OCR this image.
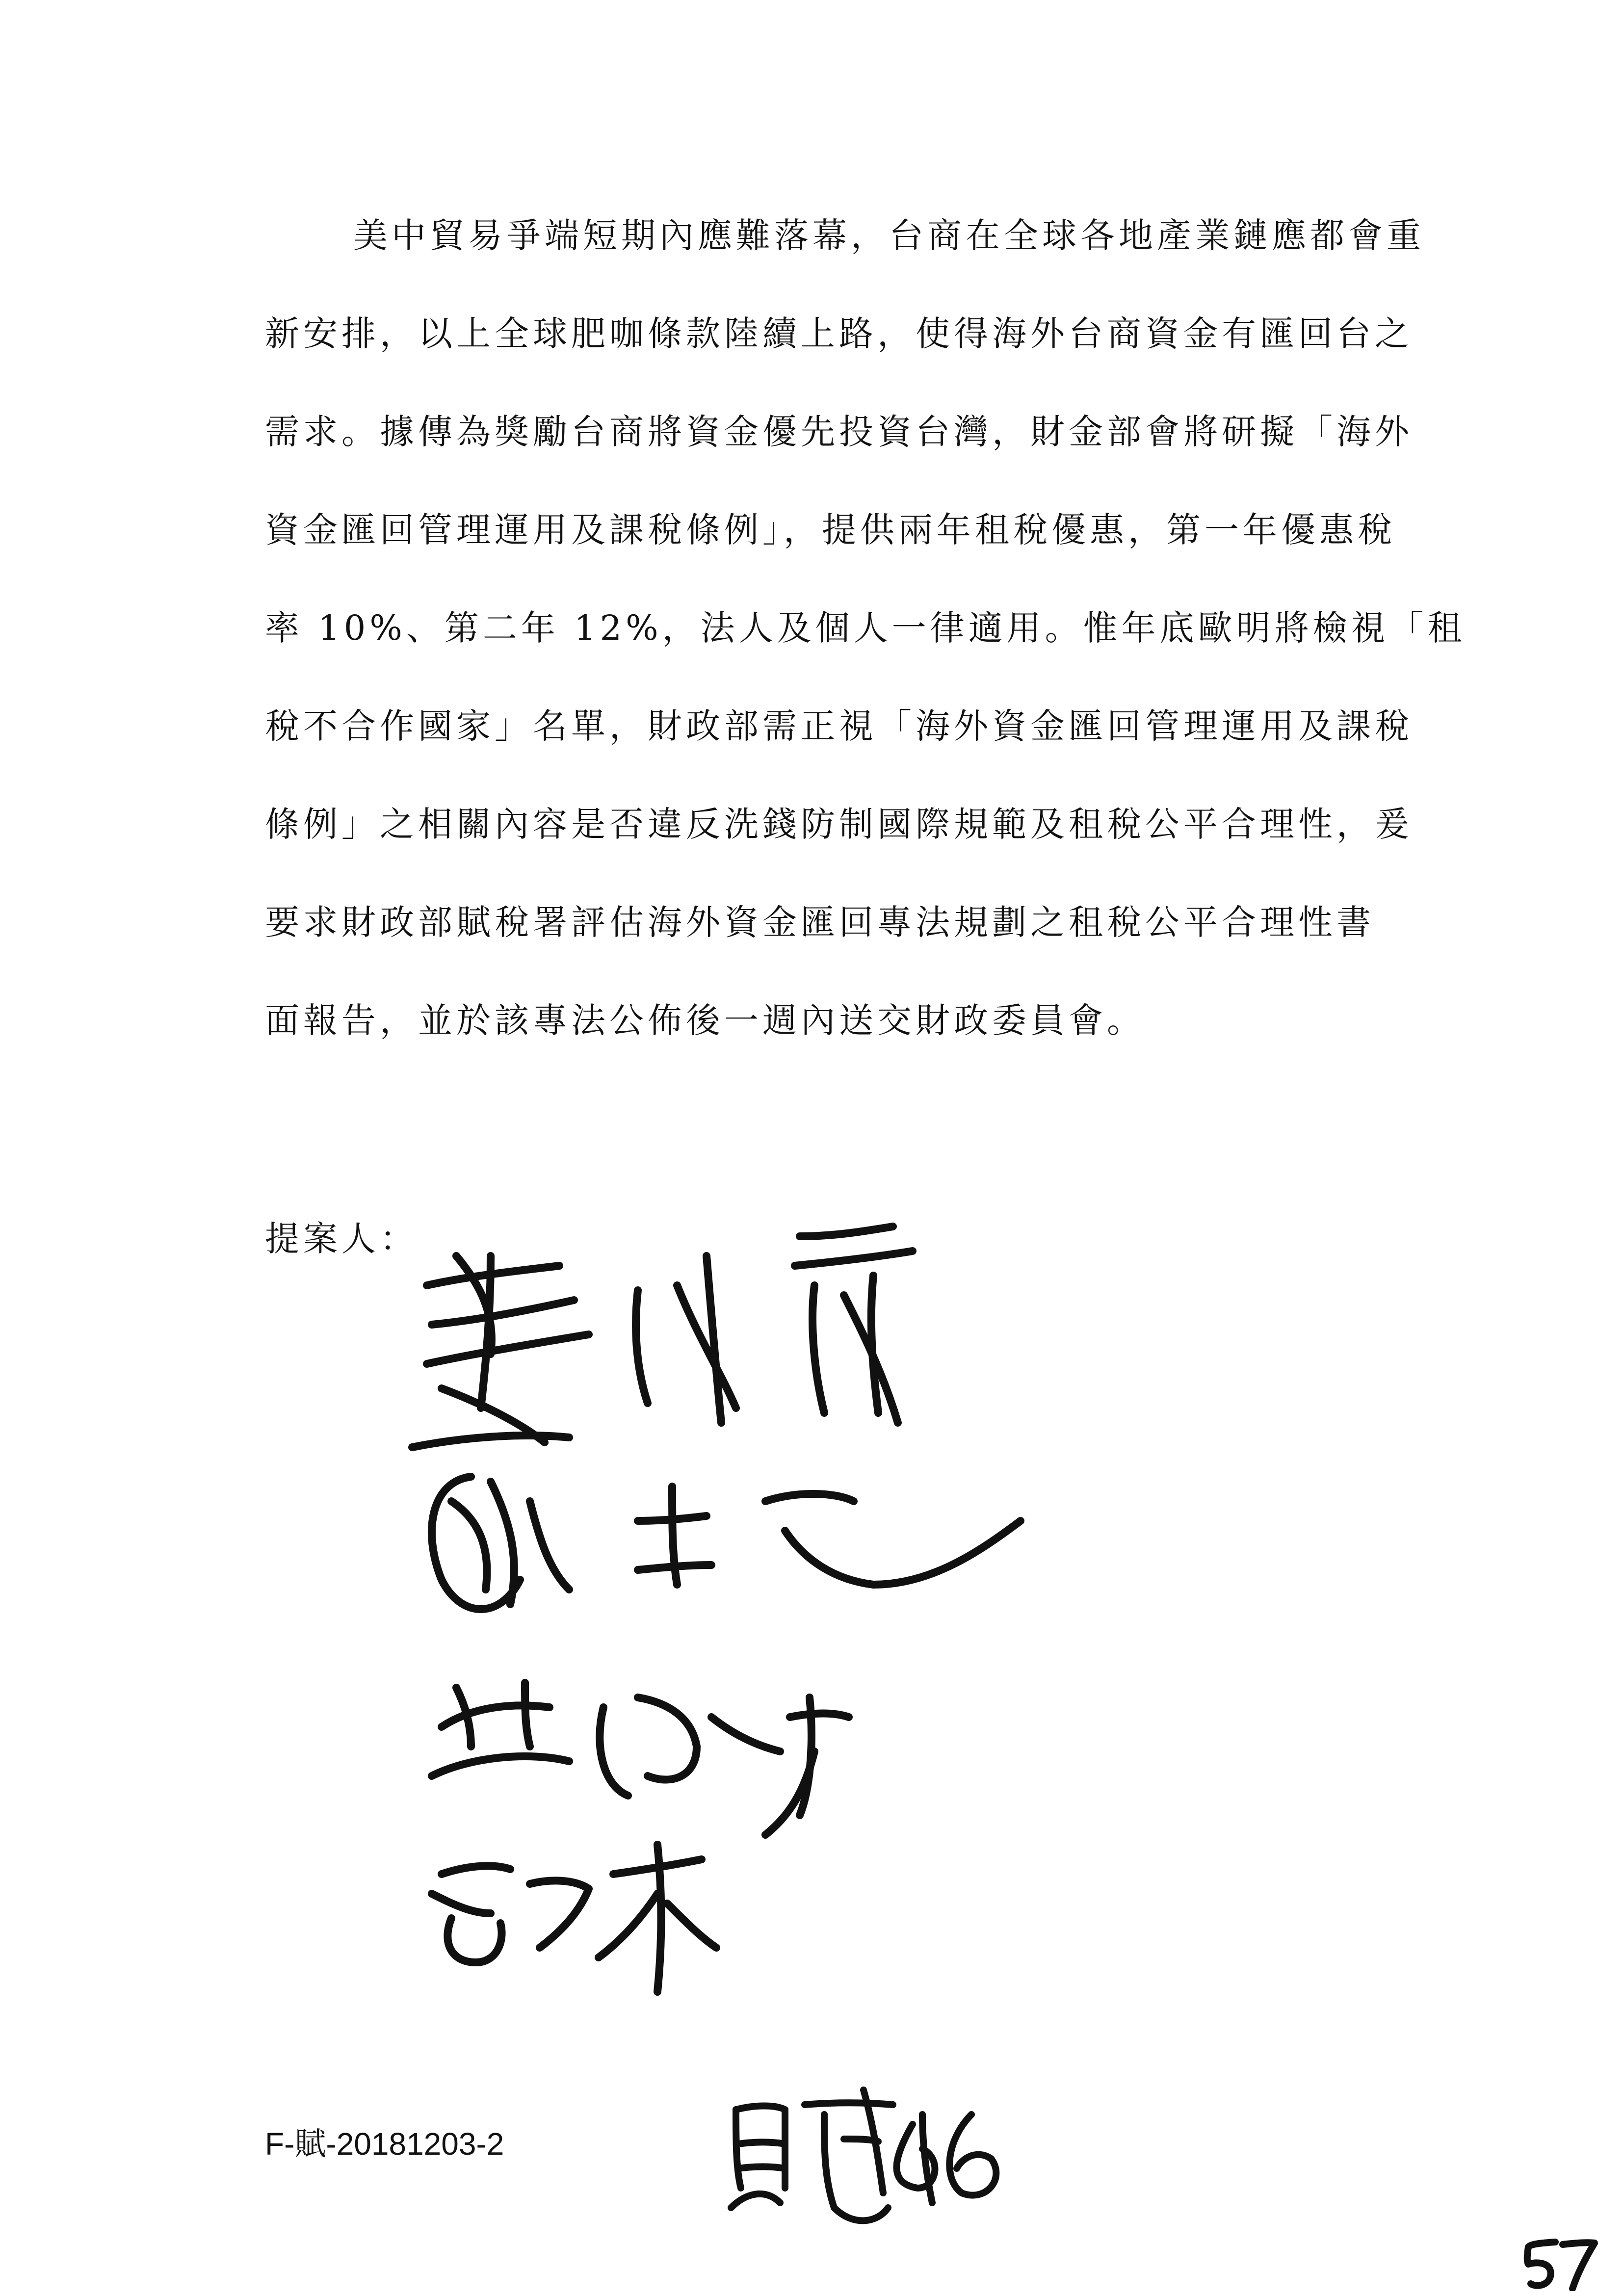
美中貿易爭端短期內應難落幕，台商在全球各地產業鏈應都會重
新安排，以上全球肥咖條款陸續上路，使得海外台商資金有匯回台之
需求。據傳為獎勵台商將資金優先投資台灣，財金部會將研擬「海外
資金匯回管理運用及課稅條例」，提供兩年租稅優惠，第一年優惠稅
率 10%、第二年 12%，法人及個人一律適用。惟年底歐明將檢視「租
稅不合作國家」名單，財政部需正視「海外資金匯回管理運用及課稅
條例」之相關內容是否違反洗錢防制國際規範及租稅公平合理性，爰
要求財政部賦稅署評估海外資金匯回專法規劃之租稅公平合理性書
面報告，並於該專法公佈後一週內送交財政委員會。
提案人：
F-賦-20181203-2
